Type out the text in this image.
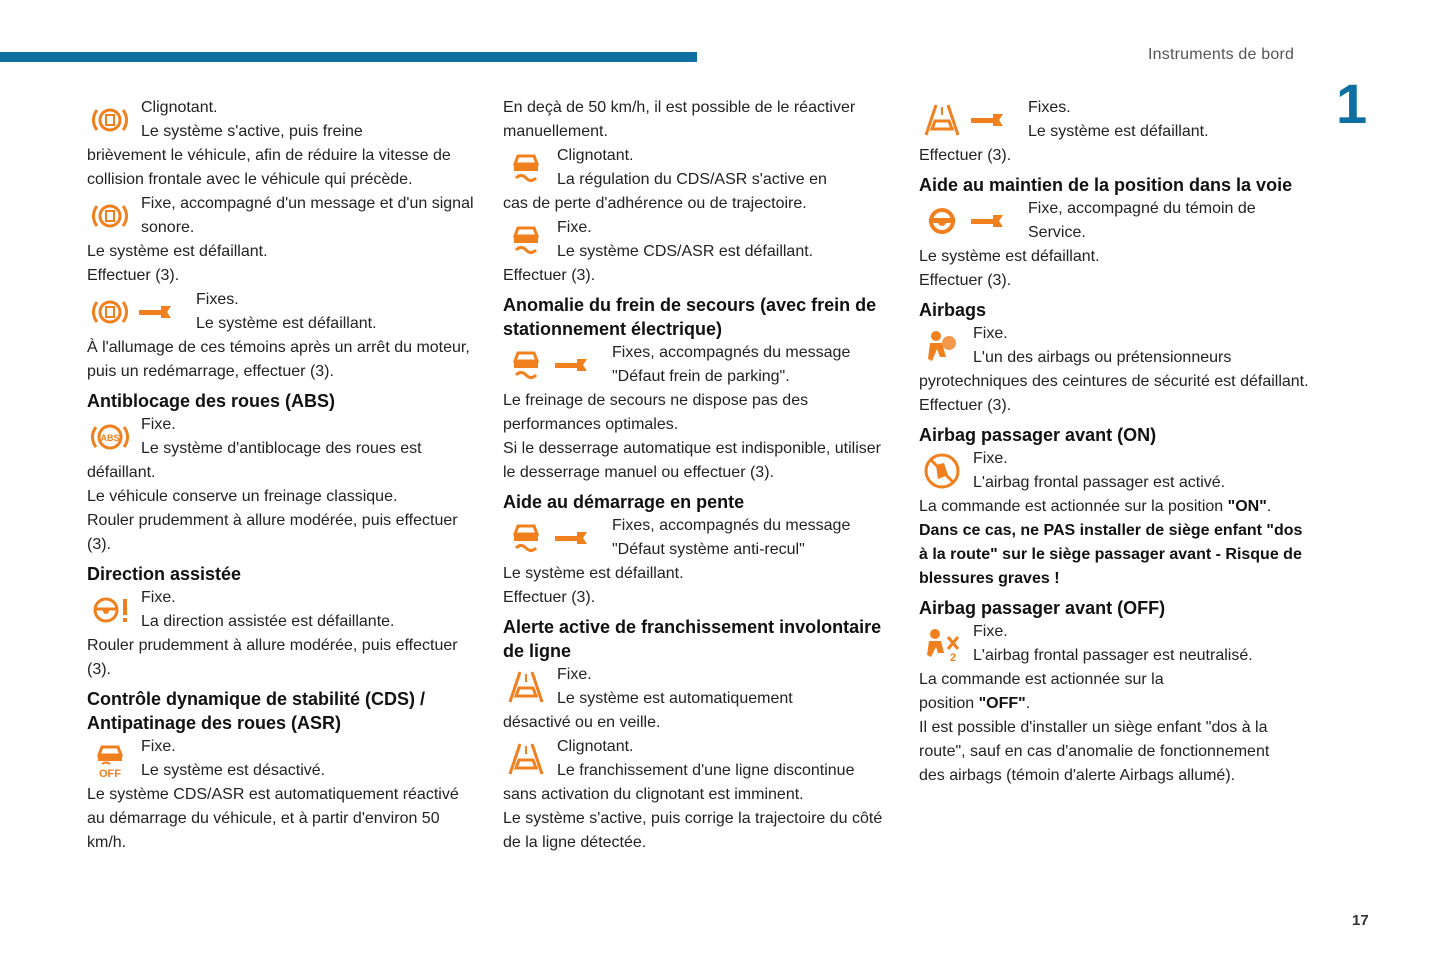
Instruments de bord
1
17

Clignotant.

Le système s'active, puis freine

brièvement le véhicule, afin de réduire la vitesse de collision frontale avec le véhicule qui précède.

Fixe, accompagné d'un message et d'un signal sonore.

Le système est défaillant.

Effectuer (3).

Fixes.

Le système est défaillant.

À l'allumage de ces témoins après un arrêt du moteur, puis un redémarrage, effectuer (3).

Antiblocage des roues (ABS)
ABS

Fixe.

Le système d'antiblocage des roues est

défaillant.

Le véhicule conserve un freinage classique.

Rouler prudemment à allure modérée, puis effectuer (3).

Direction assistée

Fixe.

La direction assistée est défaillante.

Rouler prudemment à allure modérée, puis effectuer (3).

Contrôle dynamique de stabilité (CDS) / Antipatinage des roues (ASR)
OFF

Fixe.

Le système est désactivé.

Le système CDS/ASR est automatiquement réactivé au démarrage du véhicule, et à partir d'environ 50 km/h.

En deçà de 50 km/h, il est possible de le réactiver manuellement.

Clignotant.

La régulation du CDS/ASR s'active en

cas de perte d'adhérence ou de trajectoire.

Fixe.

Le système CDS/ASR est défaillant.

Effectuer (3).

Anomalie du frein de secours (avec frein de stationnement électrique)

Fixes, accompagnés du message "Défaut frein de parking".

Le freinage de secours ne dispose pas des performances optimales.

Si le desserrage automatique est indisponible, utiliser le desserrage manuel ou effectuer (3).

Aide au démarrage en pente

Fixes, accompagnés du message "Défaut système anti-recul"

Le système est défaillant.

Effectuer (3).

Alerte active de franchissement involontaire de ligne

Fixe.

Le système est automatiquement

désactivé ou en veille.

Clignotant.

Le franchissement d'une ligne discontinue

sans activation du clignotant est imminent.

Le système s'active, puis corrige la trajectoire du côté de la ligne détectée.

Fixes.

Le système est défaillant.

Effectuer (3).

Aide au maintien de la position dans la voie

Fixe, accompagné du témoin de Service.

Le système est défaillant.

Effectuer (3).

Airbags

Fixe.

L'un des airbags ou prétensionneurs

pyrotechniques des ceintures de sécurité est défaillant.

Effectuer (3).

Airbag passager avant (ON)

Fixe.

L'airbag frontal passager est activé.

La commande est actionnée sur la position "ON".

Dans ce cas, ne PAS installer de siège enfant "dos à la route" sur le siège passager avant - Risque de blessures graves !

Airbag passager avant (OFF)
2

Fixe.

L'airbag frontal passager est neutralisé.

La commande est actionnée sur la position "OFF".

Il est possible d'installer un siège enfant "dos à la route", sauf en cas d'anomalie de fonctionnement des airbags (témoin d'alerte Airbags allumé).
